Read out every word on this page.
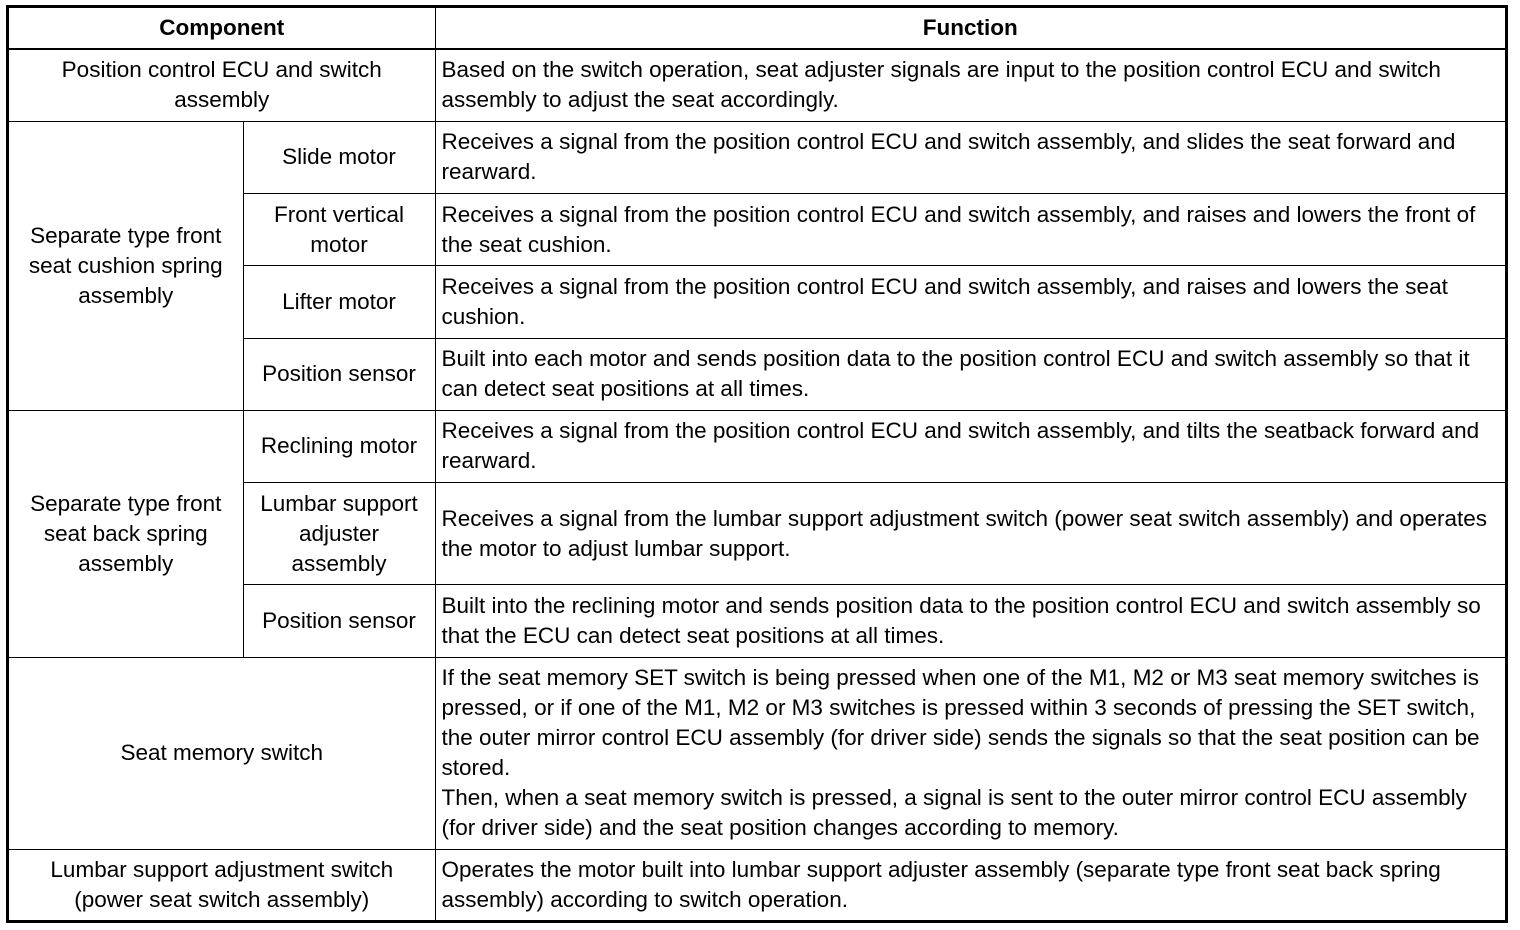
Component		Function
Position control ECU and switch assembly		Based on the switch operation, seat adjuster signals are input to the position control ECU and switch assembly to adjust the seat accordingly.
Separate type front seat cushion spring assembly	Slide motor	Receives a signal from the position control ECU and switch assembly, and slides the seat forward and rearward.
	Front vertical motor	Receives a signal from the position control ECU and switch assembly, and raises and lowers the front of the seat cushion.
	Lifter motor	Receives a signal from the position control ECU and switch assembly, and raises and lowers the seat cushion.
	Position sensor	Built into each motor and sends position data to the position control ECU and switch assembly so that it can detect seat positions at all times.
Separate type front seat back spring assembly	Reclining motor	Receives a signal from the position control ECU and switch assembly, and tilts the seatback forward and rearward.
	Lumbar support adjuster assembly	Receives a signal from the lumbar support adjustment switch (power seat switch assembly) and operates the motor to adjust lumbar support.
	Position sensor	Built into the reclining motor and sends position data to the position control ECU and switch assembly so that the ECU can detect seat positions at all times.
Seat memory switch		If the seat memory SET switch is being pressed when one of the M1, M2 or M3 seat memory switches is pressed, or if one of the M1, M2 or M3 switches is pressed within 3 seconds of pressing the SET switch, the outer mirror control ECU assembly (for driver side) sends the signals so that the seat position can be stored.
Then, when a seat memory switch is pressed, a signal is sent to the outer mirror control ECU assembly (for driver side) and the seat position changes according to memory.

Lumbar support adjustment switch (power seat switch assembly)		Operates the motor built into lumbar support adjuster assembly (separate type front seat back spring assembly) according to switch operation.
